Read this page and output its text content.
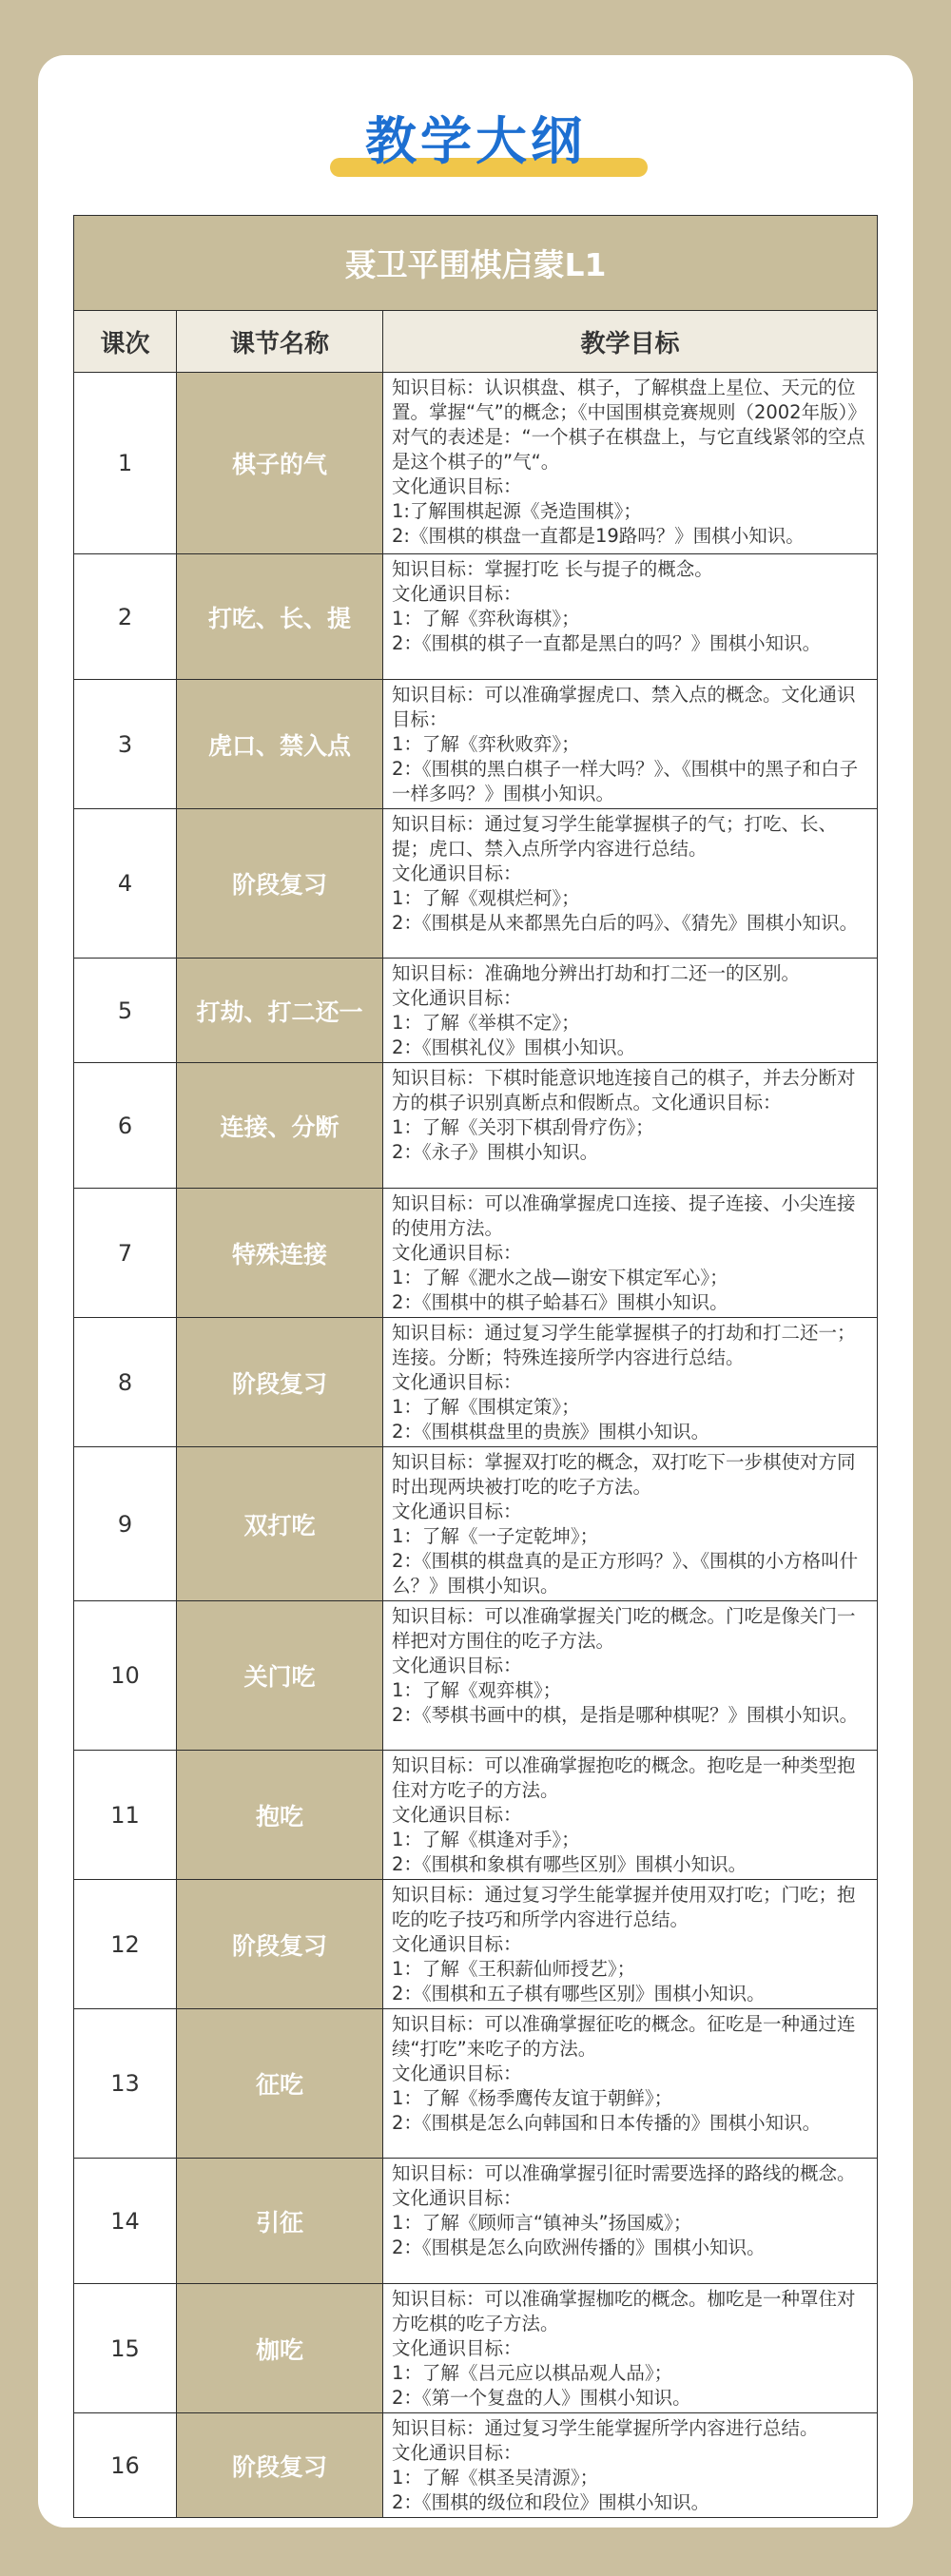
教学大纲
聂卫平围棋启蒙L1		
课次	课节名称	教学目标
1	棋子的气	知识目标：认识棋盘、棋子，了解棋盘上星位、天元的位置。掌握“气”的概念；《中国围棋竞赛规则（2002年版）》对气的表述是：“一个棋子在棋盘上，与它直线紧邻的空点是这个棋子的”气“。
文化通识目标：
1:了解围棋起源《尧造围棋》；
2:《围棋的棋盘一直都是19路吗？》围棋小知识。

2	打吃、长、提	知识目标：掌握打吃 长与提子的概念。
文化通识目标：
1：了解《弈秋诲棋》；
2：《围棋的棋子一直都是黑白的吗？》围棋小知识。

3	虎口、禁入点	知识目标：可以准确掌握虎口、禁入点的概念。文化通识目标：
1：了解《弈秋败弈》；
2：《围棋的黑白棋子一样大吗？》、《围棋中的黑子和白子一样多吗？》围棋小知识。

4	阶段复习	知识目标：通过复习学生能掌握棋子的气；打吃、长、提；虎口、禁入点所学内容进行总结。
文化通识目标：
1：了解《观棋烂柯》；
2：《围棋是从来都黑先白后的吗》、《猜先》围棋小知识。

5	打劫、打二还一	知识目标：准确地分辨出打劫和打二还一的区别。
文化通识目标：
1：了解《举棋不定》；
2：《围棋礼仪》围棋小知识。

6	连接、分断	知识目标：下棋时能意识地连接自己的棋子，并去分断对方的棋子识别真断点和假断点。文化通识目标：
1：了解《关羽下棋刮骨疗伤》；
2：《永子》围棋小知识。

7	特殊连接	知识目标：可以准确掌握虎口连接、提子连接、小尖连接的使用方法。
文化通识目标：
1：了解《淝水之战—谢安下棋定军心》；
2：《围棋中的棋子蛤碁石》围棋小知识。

8	阶段复习	知识目标：通过复习学生能掌握棋子的打劫和打二还一；连接。分断；特殊连接所学内容进行总结。
文化通识目标：
1：了解《围棋定策》；
2：《围棋棋盘里的贵族》围棋小知识。

9	双打吃	知识目标：掌握双打吃的概念，双打吃下一步棋使对方同时出现两块被打吃的吃子方法。
文化通识目标：
1：了解《一子定乾坤》；
2：《围棋的棋盘真的是正方形吗？》、《围棋的小方格叫什么？》围棋小知识。

10	关门吃	知识目标：可以准确掌握关门吃的概念。门吃是像关门一样把对方围住的吃子方法。
文化通识目标：
1：了解《观弈棋》；
2：《琴棋书画中的棋，是指是哪种棋呢？》围棋小知识。

11	抱吃	知识目标：可以准确掌握抱吃的概念。抱吃是一种类型抱住对方吃子的方法。
文化通识目标：
1：了解《棋逢对手》；
2：《围棋和象棋有哪些区别》围棋小知识。

12	阶段复习	知识目标：通过复习学生能掌握并使用双打吃；门吃；抱吃的吃子技巧和所学内容进行总结。
文化通识目标：
1：了解《王积薪仙师授艺》；
2：《围棋和五子棋有哪些区别》围棋小知识。

13	征吃	知识目标：可以准确掌握征吃的概念。征吃是一种通过连续“打吃”来吃子的方法。
文化通识目标：
1：了解《杨季鹰传友谊于朝鲜》；
2：《围棋是怎么向韩国和日本传播的》围棋小知识。

14	引征	知识目标：可以准确掌握引征时需要选择的路线的概念。
文化通识目标：
1：了解《顾师言“镇神头”扬国威》；
2：《围棋是怎么向欧洲传播的》围棋小知识。

15	枷吃	知识目标：可以准确掌握枷吃的概念。枷吃是一种罩住对方吃棋的吃子方法。
文化通识目标：
1：了解《吕元应以棋品观人品》；
2：《第一个复盘的人》围棋小知识。

16	阶段复习	知识目标：通过复习学生能掌握所学内容进行总结。
文化通识目标：
1：了解《棋圣吴清源》；
2：《围棋的级位和段位》围棋小知识。
